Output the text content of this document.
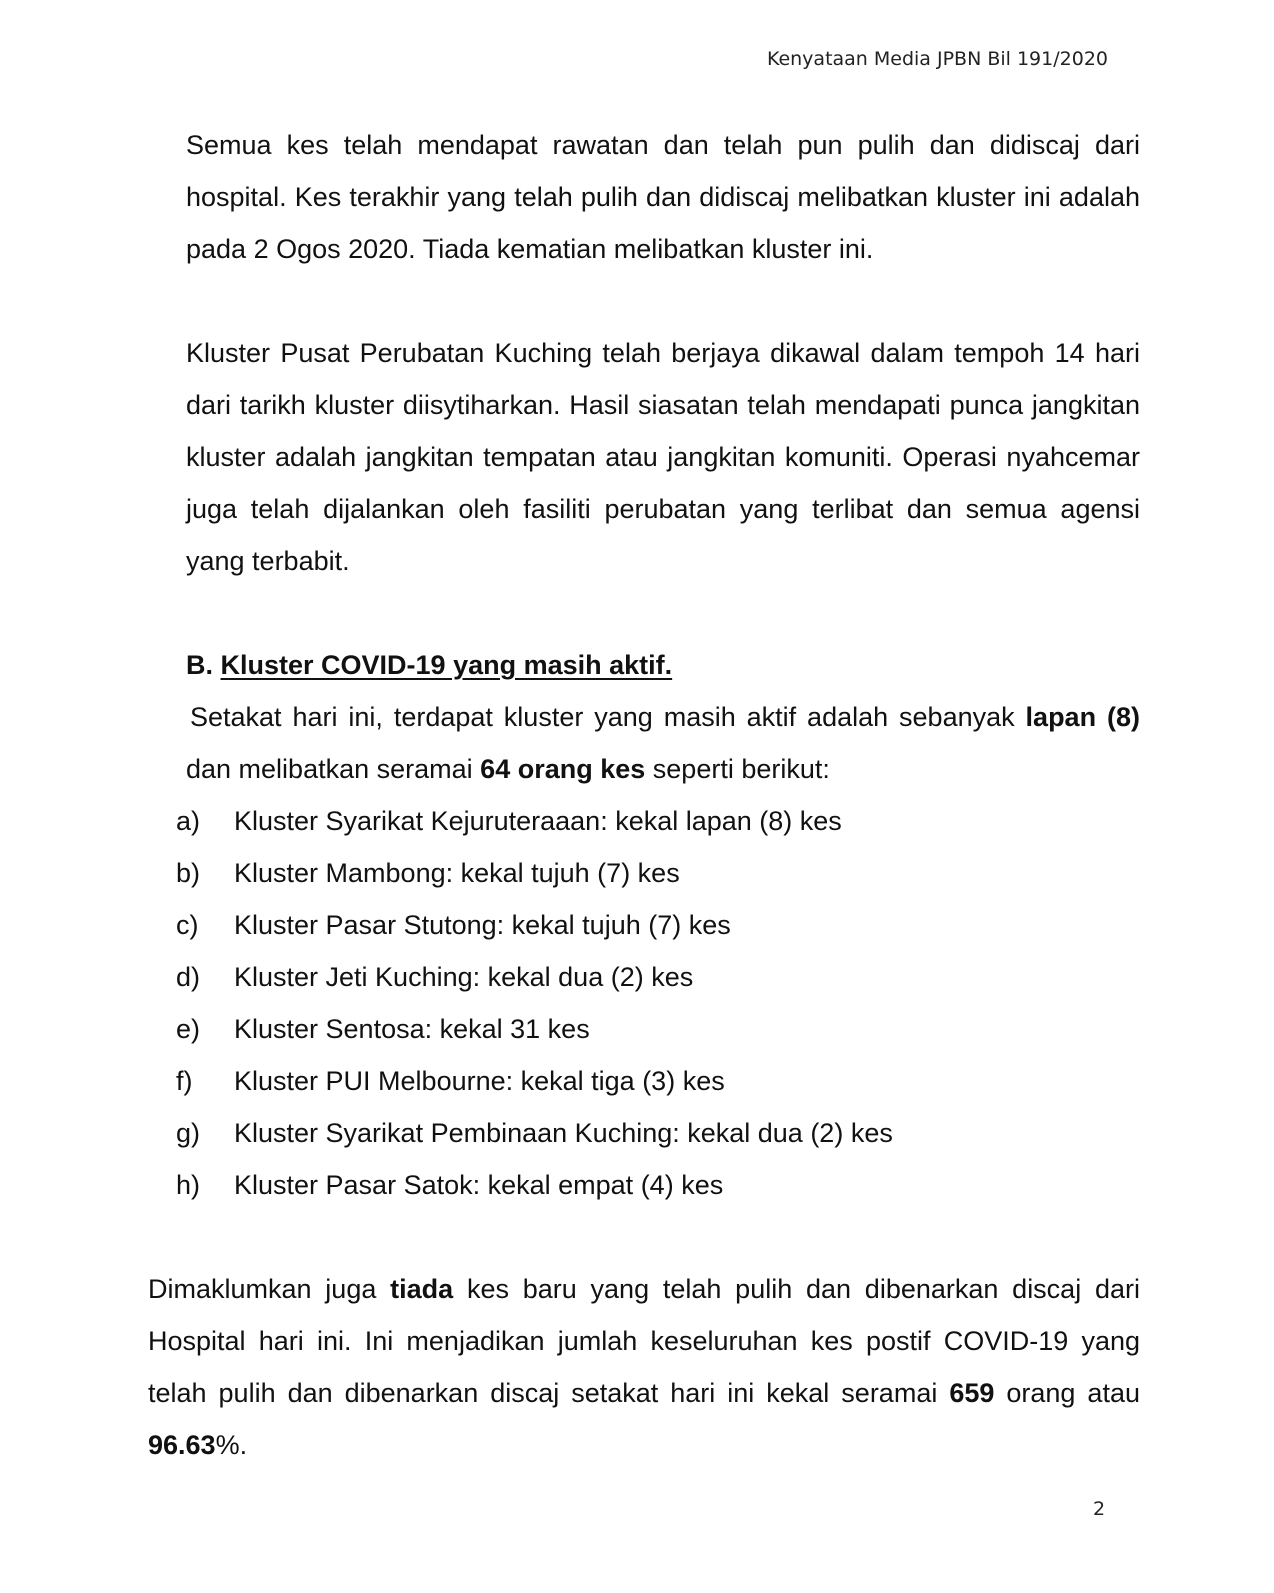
Kenyataan Media JPBN Bil 191/2020

Semua kes telah mendapat rawatan dan telah pun pulih dan didiscaj dari hospital. Kes terakhir yang telah pulih dan didiscaj melibatkan kluster ini adalah pada 2 Ogos 2020. Tiada kematian melibatkan kluster ini.

Kluster Pusat Perubatan Kuching telah berjaya dikawal dalam tempoh 14 hari dari tarikh kluster diisytiharkan. Hasil siasatan telah mendapati punca jangkitan kluster adalah jangkitan tempatan atau jangkitan komuniti. Operasi nyahcemar juga telah dijalankan oleh fasiliti perubatan yang terlibat dan semua agensi yang terbabit.

B. Kluster COVID-19 yang masih aktif.

Setakat hari ini, terdapat kluster yang masih aktif adalah sebanyak lapan (8) dan melibatkan seramai 64 orang kes seperti berikut:

a) Kluster Syarikat Kejuruteraaan: kekal lapan (8) kes
b) Kluster Mambong: kekal tujuh (7) kes
c) Kluster Pasar Stutong: kekal tujuh (7) kes
d) Kluster Jeti Kuching: kekal dua (2) kes
e) Kluster Sentosa: kekal 31 kes
f) Kluster PUI Melbourne: kekal tiga (3) kes
g) Kluster Syarikat Pembinaan Kuching: kekal dua (2) kes
h) Kluster Pasar Satok: kekal empat (4) kes

Dimaklumkan juga tiada kes baru yang telah pulih dan dibenarkan discaj dari Hospital hari ini. Ini menjadikan jumlah keseluruhan kes postif COVID-19 yang telah pulih dan dibenarkan discaj setakat hari ini kekal seramai 659 orang atau 96.63%.

2
